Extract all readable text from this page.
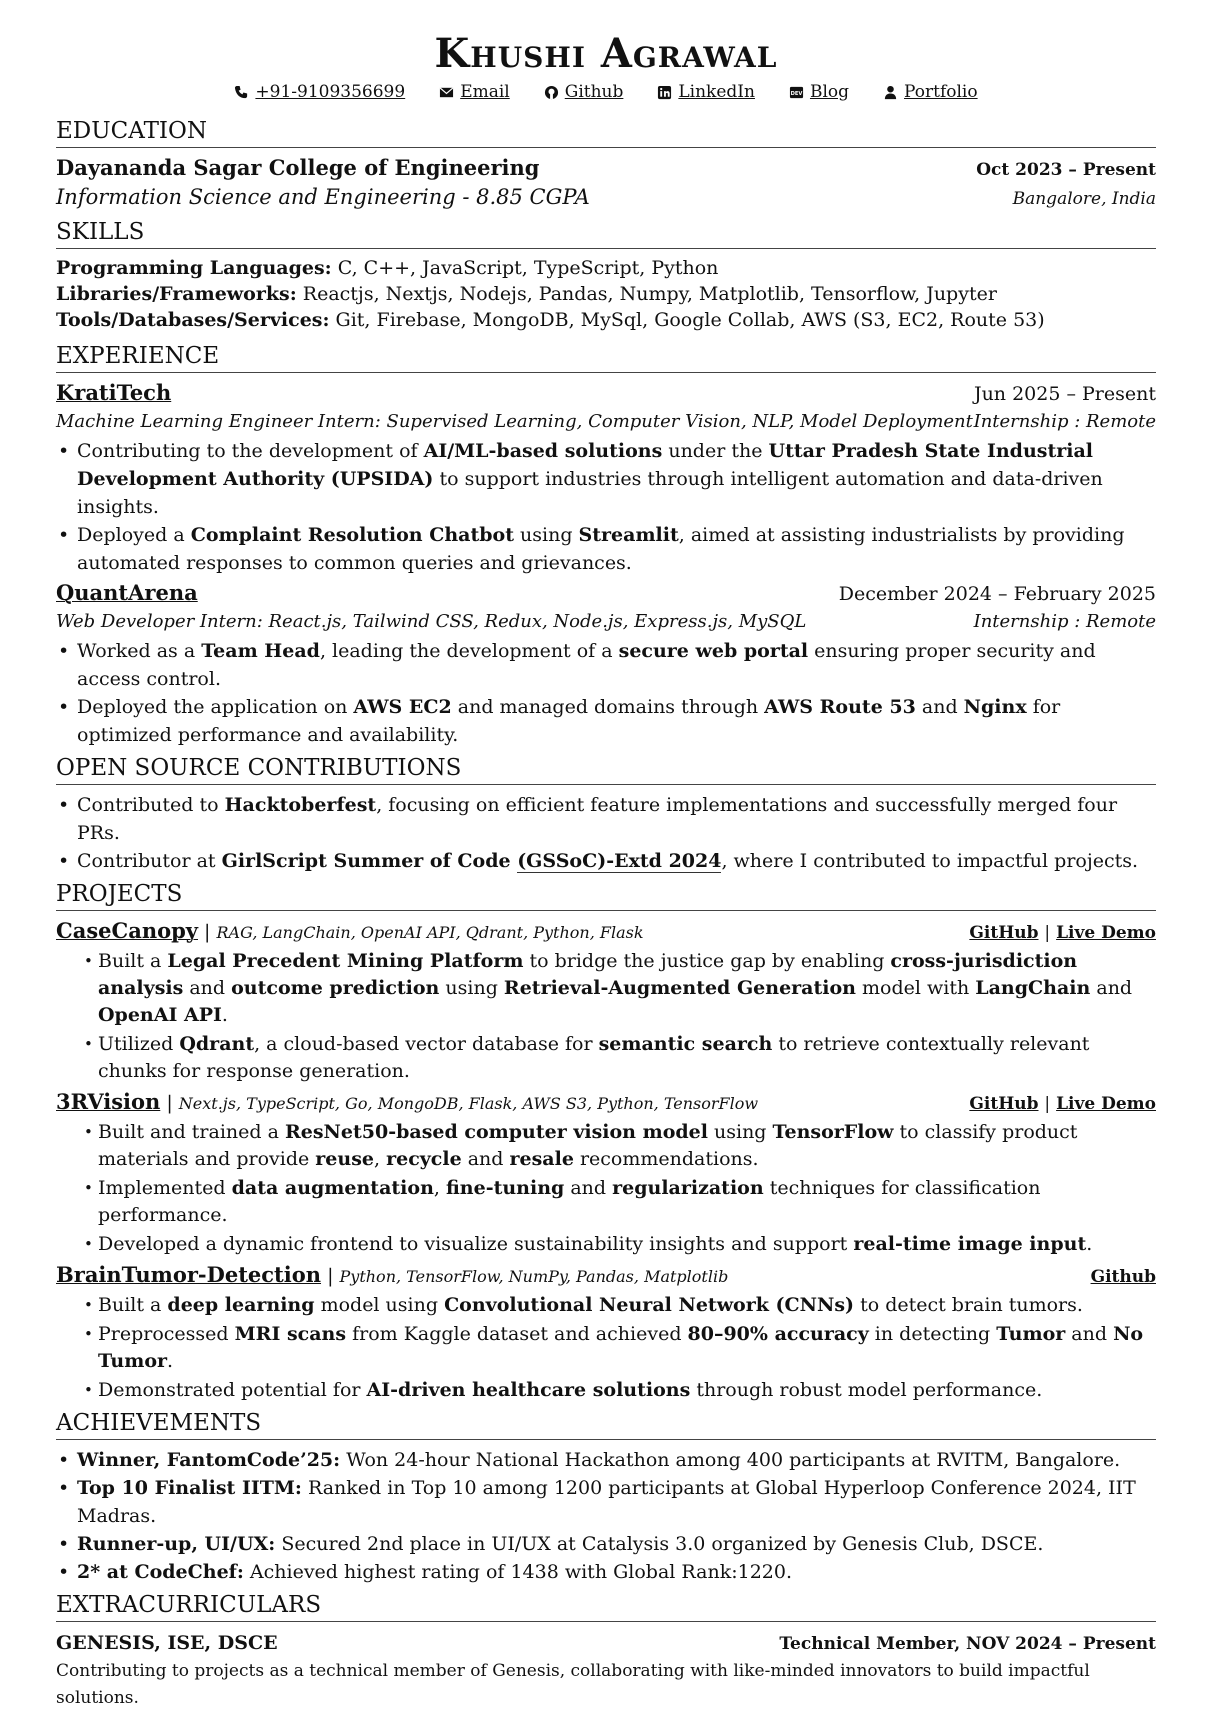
Khushi Agrawal
+91-9109356699	Email	Github	LinkedIn	DEV Blog	Portfolio
EDUCATION
Dayananda Sagar College of Engineering	Oct 2023 – Present
Information Science and Engineering - 8.85 CGPA	Bangalore, India
SKILLS
Programming Languages: C, C++, JavaScript, TypeScript, Python
Libraries/Frameworks: Reactjs, Nextjs, Nodejs, Pandas, Numpy, Matplotlib, Tensorflow, Jupyter
Tools/Databases/Services: Git, Firebase, MongoDB, MySql, Google Collab, AWS (S3, EC2, Route 53)
EXPERIENCE
KratiTech	Jun 2025 – Present
Machine Learning Engineer Intern: Supervised Learning, Computer Vision, NLP, Model Deployment Internship : Remote
• Contributing to the development of AI/ML-based solutions under the Uttar Pradesh State Industrial Development Authority (UPSIDA) to support industries through intelligent automation and data-driven insights.
• Deployed a Complaint Resolution Chatbot using Streamlit, aimed at assisting industrialists by providing automated responses to common queries and grievances.
QuantArena	December 2024 – February 2025
Web Developer Intern: React.js, Tailwind CSS, Redux, Node.js, Express.js, MySQL	Internship : Remote
• Worked as a Team Head, leading the development of a secure web portal ensuring proper security and access control.
• Deployed the application on AWS EC2 and managed domains through AWS Route 53 and Nginx for optimized performance and availability.
OPEN SOURCE CONTRIBUTIONS
• Contributed to Hacktoberfest, focusing on efficient feature implementations and successfully merged four PRs.
• Contributor at GirlScript Summer of Code (GSSoC)-Extd 2024, where I contributed to impactful projects.
PROJECTS
CaseCanopy | RAG, LangChain, OpenAI API, Qdrant, Python, Flask	GitHub | Live Demo
• Built a Legal Precedent Mining Platform to bridge the justice gap by enabling cross-jurisdiction analysis and outcome prediction using Retrieval-Augmented Generation model with LangChain and OpenAI API.
• Utilized Qdrant, a cloud-based vector database for semantic search to retrieve contextually relevant chunks for response generation.
3RVision | Next.js, TypeScript, Go, MongoDB, Flask, AWS S3, Python, TensorFlow	GitHub | Live Demo
• Built and trained a ResNet50-based computer vision model using TensorFlow to classify product materials and provide reuse, recycle and resale recommendations.
• Implemented data augmentation, fine-tuning and regularization techniques for classification performance.
• Developed a dynamic frontend to visualize sustainability insights and support real-time image input.
BrainTumor-Detection | Python, TensorFlow, NumPy, Pandas, Matplotlib	Github
• Built a deep learning model using Convolutional Neural Network (CNNs) to detect brain tumors.
• Preprocessed MRI scans from Kaggle dataset and achieved 80–90% accuracy in detecting Tumor and No Tumor.
• Demonstrated potential for AI-driven healthcare solutions through robust model performance.
ACHIEVEMENTS
• Winner, FantomCode’25: Won 24-hour National Hackathon among 400 participants at RVITM, Bangalore.
• Top 10 Finalist IITM: Ranked in Top 10 among 1200 participants at Global Hyperloop Conference 2024, IIT Madras.
• Runner-up, UI/UX: Secured 2nd place in UI/UX at Catalysis 3.0 organized by Genesis Club, DSCE.
• 2* at CodeChef: Achieved highest rating of 1438 with Global Rank:1220.
EXTRACURRICULARS
GENESIS, ISE, DSCE	Technical Member, NOV 2024 – Present
Contributing to projects as a technical member of Genesis, collaborating with like-minded innovators to build impactful solutions.
